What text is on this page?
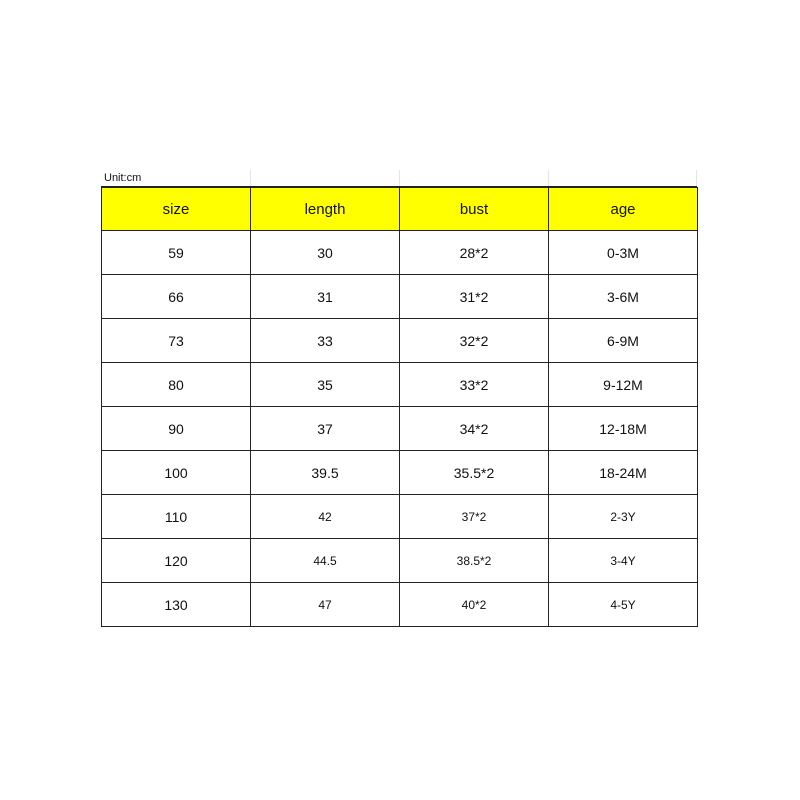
Unit:cm
size	length	bust	age
59	30	28*2	0-3M
66	31	31*2	3-6M
73	33	32*2	6-9M
80	35	33*2	9-12M
90	37	34*2	12-18M
100	39.5	35.5*2	18-24M
110	42	37*2	2-3Y
120	44.5	38.5*2	3-4Y
130	47	40*2	4-5Y
